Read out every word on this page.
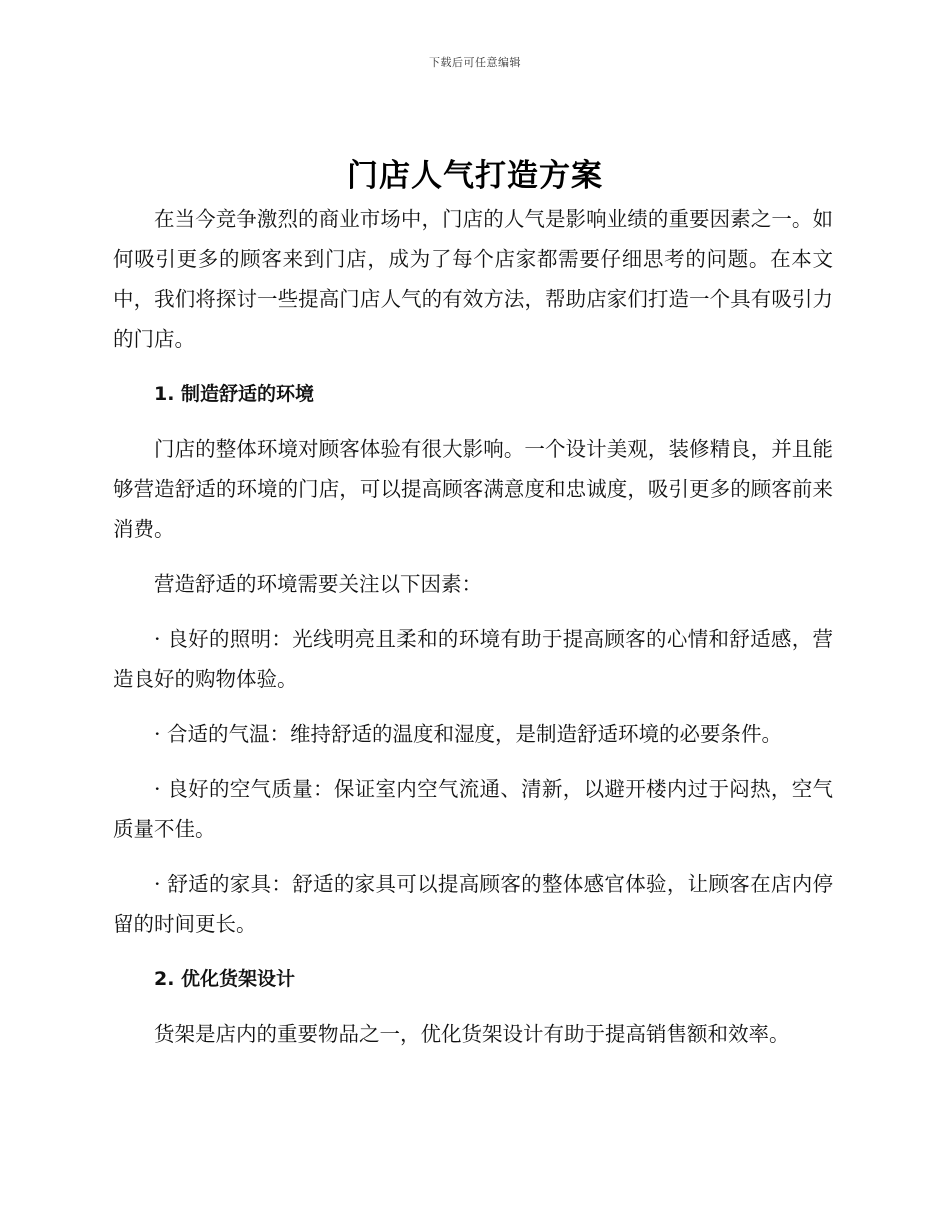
下载后可任意编辑
门店人气打造方案

在当今竞争激烈的商业市场中，门店的人气是影响业绩的重要因素之一。如何吸引更多的顾客来到门店，成为了每个店家都需要仔细思考的问题。在本文中，我们将探讨一些提高门店人气的有效方法，帮助店家们打造一个具有吸引力的门店。

1. 制造舒适的环境

门店的整体环境对顾客体验有很大影响。一个设计美观，装修精良，并且能够营造舒适的环境的门店，可以提高顾客满意度和忠诚度，吸引更多的顾客前来消费。

营造舒适的环境需要关注以下因素：

· 良好的照明：光线明亮且柔和的环境有助于提高顾客的心情和舒适感，营造良好的购物体验。

· 合适的气温：维持舒适的温度和湿度，是制造舒适环境的必要条件。

· 良好的空气质量：保证室内空气流通、清新，以避开楼内过于闷热，空气质量不佳。

· 舒适的家具：舒适的家具可以提高顾客的整体感官体验，让顾客在店内停留的时间更长。

2. 优化货架设计

货架是店内的重要物品之一，优化货架设计有助于提高销售额和效率。
